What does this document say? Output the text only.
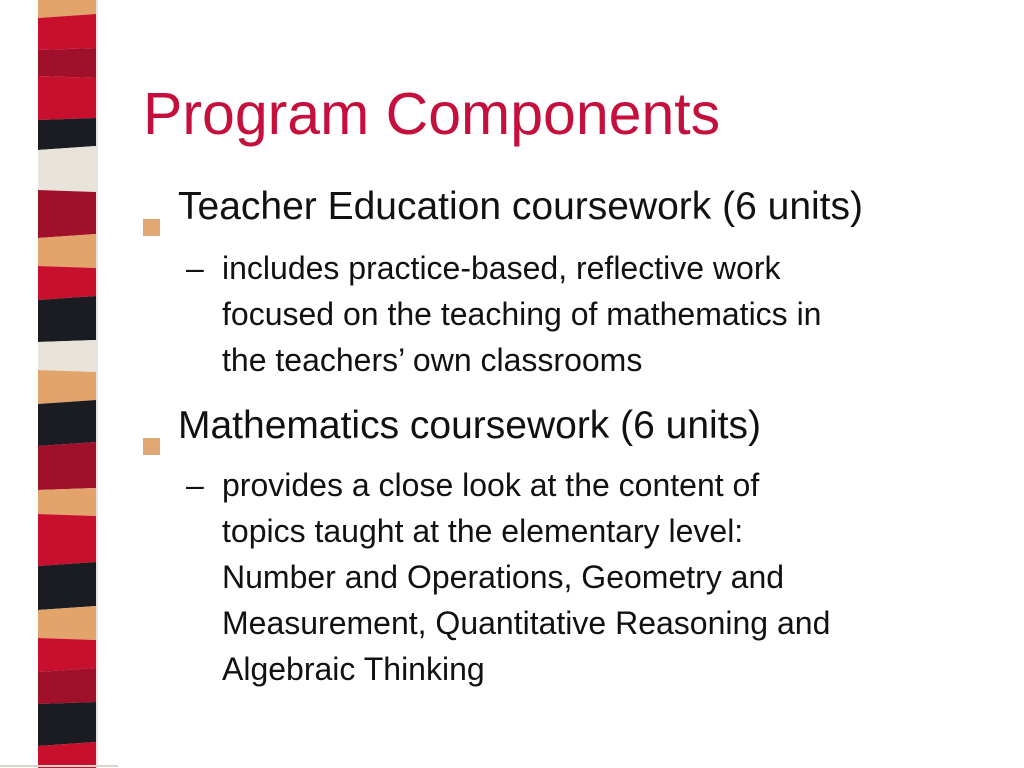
Program Components
Teacher Education coursework (6 units)
– includes practice-based, reflective work
focused on the teaching of mathematics in
the teachers’ own classrooms
Mathematics coursework (6 units)
– provides a close look at the content of
topics taught at the elementary level:
Number and Operations, Geometry and
Measurement, Quantitative Reasoning and
Algebraic Thinking
